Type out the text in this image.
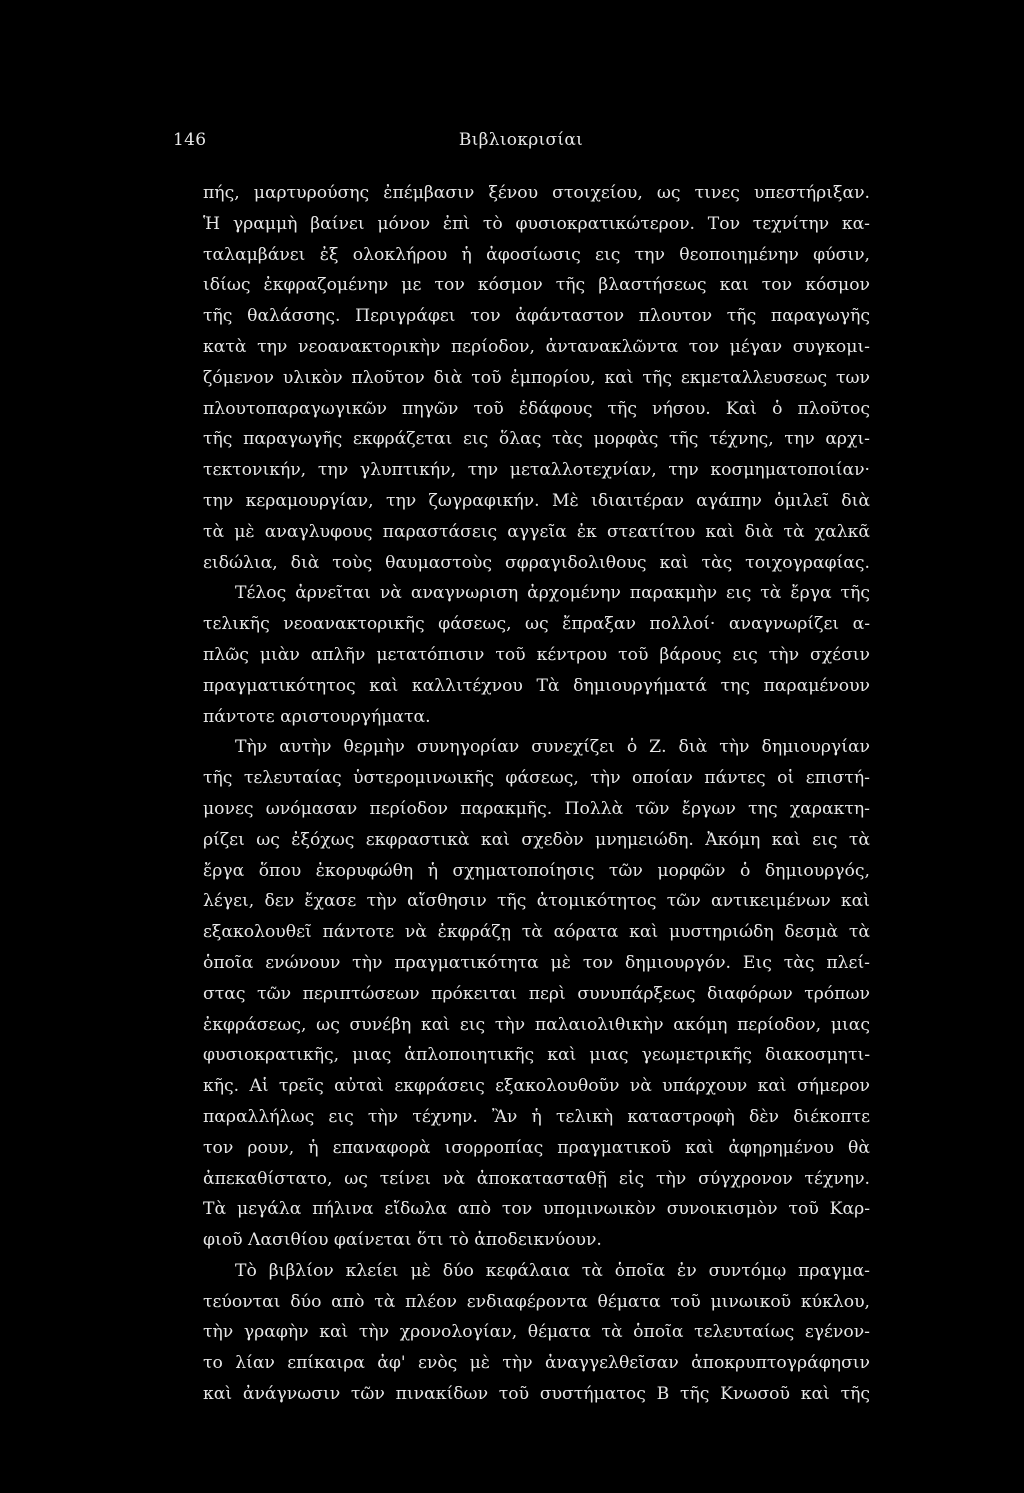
146	Βιβλιοκρισίαι
πής, μαρτυρούσης ἐπέμβασιν ξένου στοιχείου, ως τινες υπεστήριξαν.
Ἡ γραμμὴ βαίνει μόνον ἐπὶ τὸ φυσιοκρατικώτερον. Τον τεχνίτην κα-
ταλαμβάνει ἐξ ολοκλήρου ἡ ἀφοσίωσις εις την θεοποιημένην φύσιν,
ιδίως ἐκφραζομένην με τον κόσμον τῆς βλαστήσεως και τον κόσμον
τῆς θαλάσσης. Περιγράφει τον ἀφάνταστον πλουτον τῆς παραγωγῆς
κατὰ την νεοανακτορικὴν περίοδον, ἀντανακλῶντα τον μέγαν συγκομι-
ζόμενον υλικὸν πλοῦτον διὰ τοῦ ἐμπορίου, καὶ τῆς εκμεταλλευσεως των
πλουτοπαραγωγικῶν πηγῶν τοῦ ἐδάφους τῆς νήσου. Καὶ ὁ πλοῦτος
τῆς παραγωγῆς εκφράζεται εις ὅλας τὰς μορφὰς τῆς τέχνης, την αρχι-
τεκτονικήν, την γλυπτικήν, την μεταλλοτεχνίαν, την κοσμηματοποιίαν·
την κεραμουργίαν, την ζωγραφικήν. Μὲ ιδιαιτέραν αγάπην ὁμιλεῖ διὰ
τὰ μὲ αναγλυφους παραστάσεις αγγεῖα ἐκ στεατίτου καὶ διὰ τὰ χαλκᾶ
ειδώλια, διὰ τοὺς θαυμαστοὺς σφραγιδολιθους καὶ τὰς τοιχογραφίας.
Τέλος ἀρνεῖται νὰ αναγνωριση ἀρχομένην παρακμὴν εις τὰ ἔργα τῆς
τελικῆς νεοανακτορικῆς φάσεως, ως ἔπραξαν πολλοί· αναγνωρίζει α-
πλῶς μιὰν απλῆν μετατόπισιν τοῦ κέντρου τοῦ βάρους εις τὴν σχέσιν
πραγματικότητος καὶ καλλιτέχνου Τὰ δημιουργήματά της παραμένουν
πάντοτε αριστουργήματα.
Τὴν αυτὴν θερμὴν συνηγορίαν συνεχίζει ὁ Ζ. διὰ τὴν δημιουργίαν
τῆς τελευταίας ὑστερομινωικῆς φάσεως, τὴν οποίαν πάντες οἱ επιστή-
μονες ωνόμασαν περίοδον παρακμῆς. Πολλὰ τῶν ἔργων της χαρακτη-
ρίζει ως ἐξόχως εκφραστικὰ καὶ σχεδὸν μνημειώδη. Ἀκόμη καὶ εις τὰ
ἔργα ὅπου ἐκορυφώθη ἡ σχηματοποίησις τῶν μορφῶν ὁ δημιουργός,
λέγει, δεν ἔχασε τὴν αἴσθησιν τῆς ἀτομικότητος τῶν αντικειμένων καὶ
εξακολουθεῖ πάντοτε νὰ ἐκφράζῃ τὰ αόρατα καὶ μυστηριώδη δεσμὰ τὰ
ὁποῖα ενώνουν τὴν πραγματικότητα μὲ τον δημιουργόν. Εις τὰς πλεί-
στας τῶν περιπτώσεων πρόκειται περὶ συνυπάρξεως διαφόρων τρόπων
ἐκφράσεως, ως συνέβη καὶ εις τὴν παλαιολιθικὴν ακόμη περίοδον, μιας
φυσιοκρατικῆς, μιας ἁπλοποιητικῆς καὶ μιας γεωμετρικῆς διακοσμητι-
κῆς. Αἱ τρεῖς αὐταὶ εκφράσεις εξακολουθοῦν νὰ υπάρχουν καὶ σήμερον
παραλλήλως εις τὴν τέχνην. Ἂν ἡ τελικὴ καταστροφὴ δὲν διέκοπτε
τον ρουν, ἡ επαναφορὰ ισορροπίας πραγματικοῦ καὶ ἀφηρημένου θὰ
ἀπεκαθίστατο, ως τείνει νὰ ἀποκατασταθῇ εἰς τὴν σύγχρονον τέχνην.
Τὰ μεγάλα πήλινα εἴδωλα απὸ τον υπομινωικὸν συνοικισμὸν τοῦ Καρ-
φιοῦ Λασιθίου φαίνεται ὅτι τὸ ἀποδεικνύουν.
Τὸ βιβλίον κλείει μὲ δύο κεφάλαια τὰ ὁποῖα ἐν συντόμῳ πραγμα-
τεύονται δύο απὸ τὰ πλέον ενδιαφέροντα θέματα τοῦ μινωικοῦ κύκλου,
τὴν γραφὴν καὶ τὴν χρονολογίαν, θέματα τὰ ὁποῖα τελευταίως εγένον-
το λίαν επίκαιρα ἀφ' ενὸς μὲ τὴν ἀναγγελθεῖσαν ἀποκρυπτογράφησιν
καὶ ἀνάγνωσιν τῶν πινακίδων τοῦ συστήματος Β τῆς Κνωσοῦ καὶ τῆς
